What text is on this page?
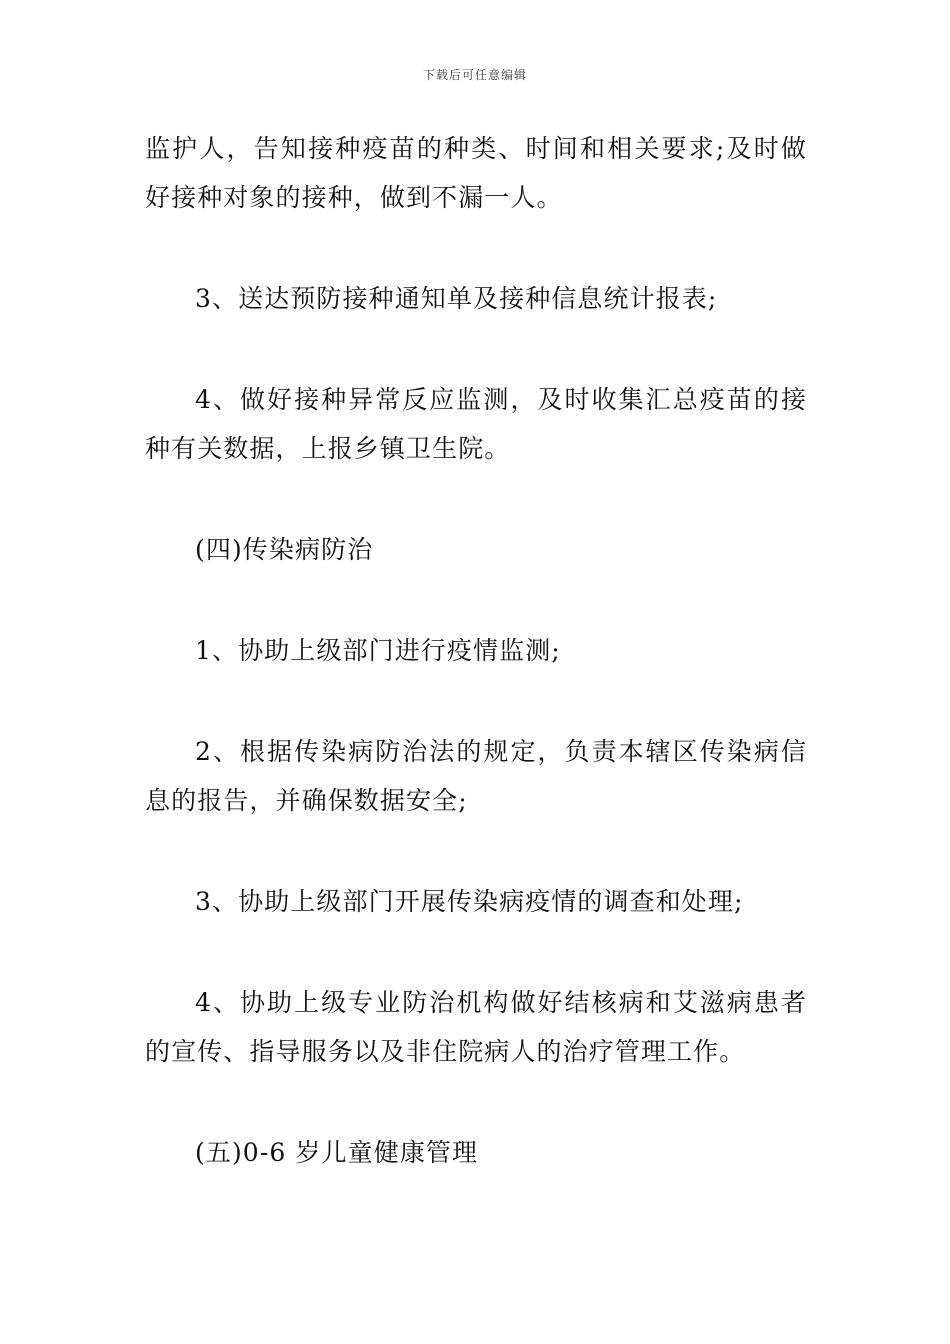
下载后可任意编辑

监护人，告知接种疫苗的种类、时间和相关要求;及时做好接种对象的接种，做到不漏一人。

3、送达预防接种通知单及接种信息统计报表;

4、做好接种异常反应监测，及时收集汇总疫苗的接种有关数据，上报乡镇卫生院。

(四)传染病防治

1、协助上级部门进行疫情监测;

2、根据传染病防治法的规定，负责本辖区传染病信息的报告，并确保数据安全;

3、协助上级部门开展传染病疫情的调查和处理;

4、协助上级专业防治机构做好结核病和艾滋病患者的宣传、指导服务以及非住院病人的治疗管理工作。

(五)0-6 岁儿童健康管理
